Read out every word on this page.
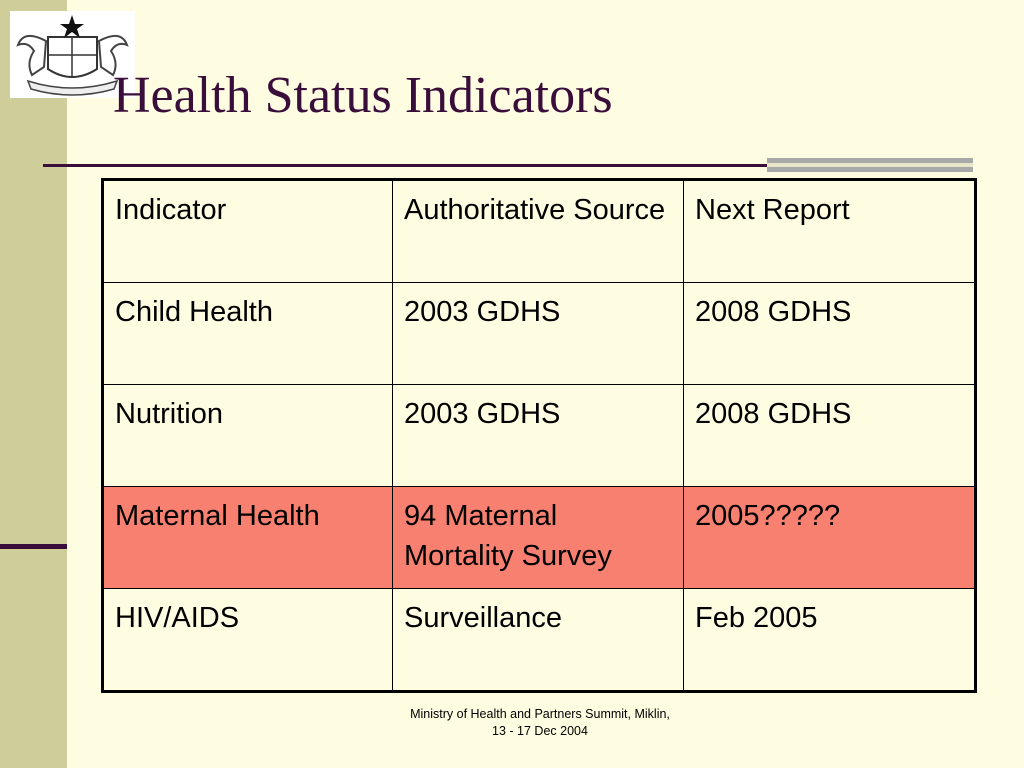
Health Status Indicators
Indicator	Authoritative Source	Next Report
Child Health	2003 GDHS	2008 GDHS
Nutrition	2003 GDHS	2008 GDHS
Maternal Health	94 Maternal Mortality Survey	2005?????
HIV/AIDS	Surveillance	Feb 2005
Ministry of Health and Partners Summit, Miklin,
13 - 17 Dec 2004
